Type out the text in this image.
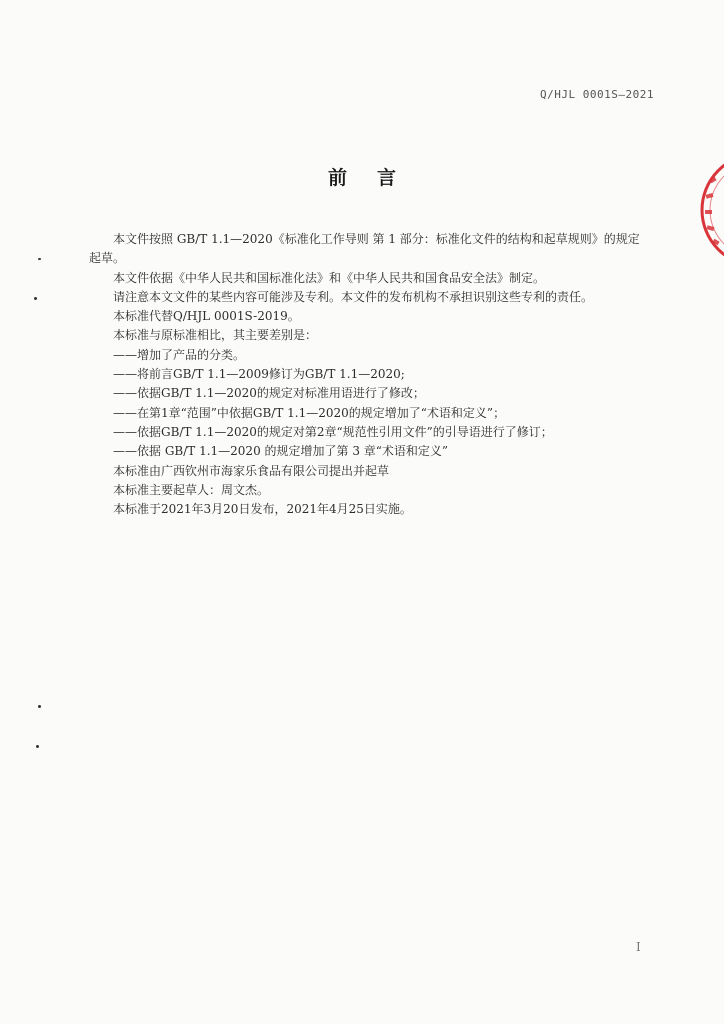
Q/HJL 0001S—2021
前言

本文件按照 GB/T 1.1—2020《标准化工作导则 第 1 部分：标准化文件的结构和起草规则》的规定起草。

本文件依据《中华人民共和国标准化法》和《中华人民共和国食品安全法》制定。

请注意本文文件的某些内容可能涉及专利。本文件的发布机构不承担识别这些专利的责任。

本标准代替Q/HJL 0001S-2019。

本标准与原标准相比，其主要差别是：

——增加了产品的分类。

——将前言GB/T 1.1—2009修订为GB/T 1.1—2020;

——依据GB/T 1.1—2020的规定对标准用语进行了修改；

——在第1章“范围”中依据GB/T 1.1—2020的规定增加了“术语和定义”；

——依据GB/T 1.1—2020的规定对第2章“规范性引用文件”的引导语进行了修订；

——依据 GB/T 1.1—2020 的规定增加了第 3 章“术语和定义”

本标准由广西钦州市海家乐食品有限公司提出并起草

本标准主要起草人：周文杰。

本标准于2021年3月20日发布，2021年4月25日实施。

I
